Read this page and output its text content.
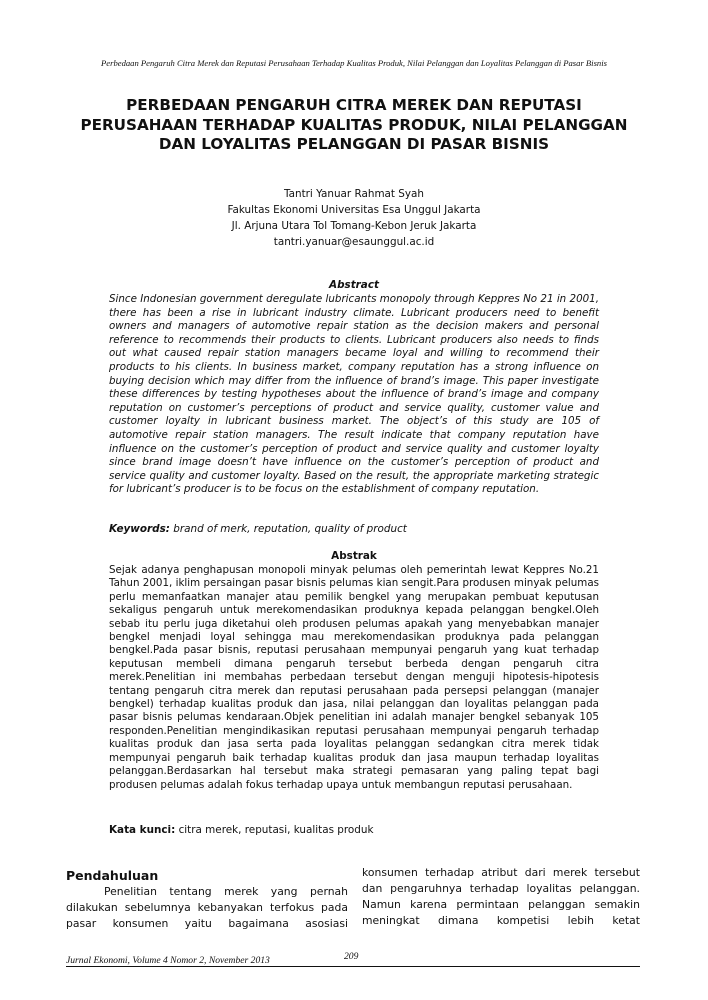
Perbedaan Pengaruh Citra Merek dan Reputasi Perusahaan Terhadap Kualitas Produk, Nilai Pelanggan dan Loyalitas Pelanggan di Pasar Bisnis
PERBEDAAN PENGARUH CITRA MEREK DAN REPUTASI PERUSAHAAN TERHADAP KUALITAS PRODUK, NILAI PELANGGAN DAN LOYALITAS PELANGGAN DI PASAR BISNIS
Tantri Yanuar Rahmat Syah
Fakultas Ekonomi Universitas Esa Unggul Jakarta
Jl. Arjuna Utara Tol Tomang-Kebon Jeruk Jakarta
tantri.yanuar@esaunggul.ac.id
Abstract
Since Indonesian government deregulate lubricants monopoly through Keppres No 21 in 2001, there has been a rise in lubricant industry climate. Lubricant producers need to benefit owners and managers of automotive repair station as the decision makers and personal reference to recommends their products to clients. Lubricant producers also needs to finds out what caused repair station managers became loyal and willing to recommend their products to his clients. In business market, company reputation has a strong influence on buying decision which may differ from the influence of brand’s image. This paper investigate these differences by testing hypotheses about the influence of brand’s image and company reputation on customer’s perceptions of product and service quality, customer value and customer loyalty in lubricant business market. The object’s of this study are 105 of automotive repair station managers. The result indicate that company reputation have influence on the customer’s perception of product and service quality and customer loyalty since brand image doesn’t have influence on the customer’s perception of product and service quality and customer loyalty. Based on the result, the appropriate marketing strategic for lubricant’s producer is to be focus on the establishment of company reputation.
Keywords: brand of merk, reputation, quality of product
Abstrak
Sejak adanya penghapusan monopoli minyak pelumas oleh pemerintah lewat Keppres No.21 Tahun 2001, iklim persaingan pasar bisnis pelumas kian sengit.Para produsen minyak pelumas perlu memanfaatkan manajer atau pemilik bengkel yang merupakan pembuat keputusan sekaligus pengaruh untuk merekomendasikan produknya kepada pelanggan bengkel.Oleh sebab itu perlu juga diketahui oleh produsen pelumas apakah yang menyebabkan manajer bengkel menjadi loyal sehingga mau merekomendasikan produknya pada pelanggan bengkel.Pada pasar bisnis, reputasi perusahaan mempunyai pengaruh yang kuat terhadap keputusan membeli dimana pengaruh tersebut berbeda dengan pengaruh citra merek.Penelitian ini membahas perbedaan tersebut dengan menguji hipotesis-hipotesis tentang pengaruh citra merek dan reputasi perusahaan pada persepsi pelanggan (manajer bengkel) terhadap kualitas produk dan jasa, nilai pelanggan dan loyalitas pelanggan pada pasar bisnis pelumas kendaraan.Objek penelitian ini adalah manajer bengkel sebanyak 105 responden.Penelitian mengindikasikan reputasi perusahaan mempunyai pengaruh terhadap kualitas produk dan jasa serta pada loyalitas pelanggan sedangkan citra merek tidak mempunyai pengaruh baik terhadap kualitas produk dan jasa maupun terhadap loyalitas pelanggan.Berdasarkan hal tersebut maka strategi pemasaran yang paling tepat bagi produsen pelumas adalah fokus terhadap upaya untuk membangun reputasi perusahaan.
Kata kunci: citra merek, reputasi, kualitas produk
Pendahuluan

Penelitian tentang merek yang pernah dilakukan sebelumnya kebanyakan terfokus pada pasar konsumen yaitu bagaimana asosiasi

konsumen terhadap atribut dari merek tersebut dan pengaruhnya terhadap loyalitas pelanggan. Namun karena permintaan pelanggan semakin meningkat dimana kompetisi lebih ketat

Jurnal Ekonomi, Volume 4 Nomor 2, November 2013	209
